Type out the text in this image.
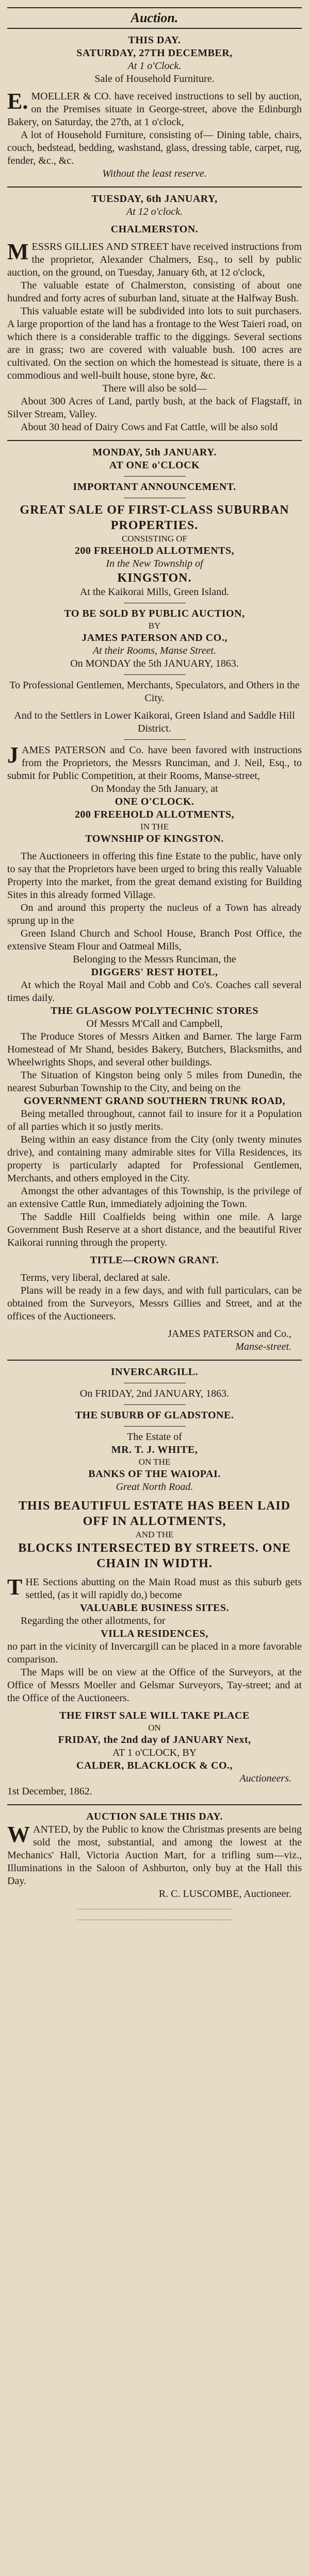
Auction.

THIS DAY.

SATURDAY, 27TH DECEMBER,

At 1 o'Clock.

Sale of Household Furniture.

E.MOELLER & CO. have received instructions to sell by auction, on the Premises situate in George-street, above the Edinburgh Bakery, on Saturday, the 27th, at 1 o'clock,

A lot of Household Furniture, consisting of— Dining table, chairs, couch, bedstead, bedding, washstand, glass, dressing table, carpet, rug, fender, &c., &c.

Without the least reserve.

TUESDAY, 6th JANUARY,

At 12 o'clock.

CHALMERSTON.

MESSRS GILLIES AND STREET have received instructions from the proprietor, Alexander Chalmers, Esq., to sell by public auction, on the ground, on Tuesday, January 6th, at 12 o'clock,

The valuable estate of Chalmerston, consisting of about one hundred and forty acres of suburban land, situate at the Halfway Bush.

This valuable estate will be subdivided into lots to suit purchasers. A large proportion of the land has a frontage to the West Taieri road, on which there is a considerable traffic to the diggings. Several sections are in grass; two are covered with valuable bush. 100 acres are cultivated. On the section on which the homestead is situate, there is a commodious and well-built house, stone byre, &c.

There will also be sold—

About 300 Acres of Land, partly bush, at the back of Flagstaff, in Silver Stream, Valley.

About 30 head of Dairy Cows and Fat Cattle, will be also sold

MONDAY, 5th JANUARY.

AT ONE o'CLOCK

IMPORTANT ANNOUNCEMENT.

GREAT SALE OF FIRST-CLASS SUBURBAN PROPERTIES.

CONSISTING OF

200 FREEHOLD ALLOTMENTS,

In the New Township of

KINGSTON.

At the Kaikorai Mills, Green Island.

TO BE SOLD BY PUBLIC AUCTION,

BY

JAMES PATERSON AND CO.,

At their Rooms, Manse Street.

On MONDAY the 5th JANUARY, 1863.

To Professional Gentlemen, Merchants, Speculators, and Others in the City.

And to the Settlers in Lower Kaikorai, Green Island and Saddle Hill District.

JAMES PATERSON and Co. have been favored with instructions from the Proprietors, the Messrs Runciman, and J. Neil, Esq., to submit for Public Competition, at their Rooms, Manse-street,

On Monday the 5th January, at

ONE O'CLOCK.

200 FREEHOLD ALLOTMENTS,

IN THE

TOWNSHIP OF KINGSTON.

The Auctioneers in offering this fine Estate to the public, have only to say that the Proprietors have been urged to bring this really Valuable Property into the market, from the great demand existing for Building Sites in this already formed Village.

On and around this property the nucleus of a Town has already sprung up in the

Green Island Church and School House, Branch Post Office, the extensive Steam Flour and Oatmeal Mills,

Belonging to the Messrs Runciman, the

DIGGERS' REST HOTEL,

At which the Royal Mail and Cobb and Co's. Coaches call several times daily.

THE GLASGOW POLYTECHNIC STORES

Of Messrs M'Call and Campbell,

The Produce Stores of Messrs Aitken and Barner. The large Farm Homestead of Mr Shand, besides Bakery, Butchers, Blacksmiths, and Wheelwrights Shops, and several other buildings.

The Situation of Kingston being only 5 miles from Dunedin, the nearest Suburban Township to the City, and being on the

GOVERNMENT GRAND SOUTHERN TRUNK ROAD,

Being metalled throughout, cannot fail to insure for it a Population of all parties which it so justly merits.

Being within an easy distance from the City (only twenty minutes drive), and containing many admirable sites for Villa Residences, its property is particularly adapted for Professional Gentlemen, Merchants, and others employed in the City.

Amongst the other advantages of this Township, is the privilege of an extensive Cattle Run, immediately adjoining the Town.

The Saddle Hill Coalfields being within one mile. A large Government Bush Reserve at a short distance, and the beautiful River Kaikorai running through the property.

TITLE—CROWN GRANT.

Terms, very liberal, declared at sale.

Plans will be ready in a few days, and with full particulars, can be obtained from the Surveyors, Messrs Gillies and Street, and at the offices of the Auctioneers.

JAMES PATERSON and Co.,

Manse-street.

INVERCARGILL.

On FRIDAY, 2nd JANUARY, 1863.

THE SUBURB OF GLADSTONE.

The Estate of

MR. T. J. WHITE,

ON THE

BANKS OF THE WAIOPAI.

Great North Road.

THIS BEAUTIFUL ESTATE HAS BEEN LAID OFF IN ALLOTMENTS,

AND THE

BLOCKS INTERSECTED BY STREETS. ONE CHAIN IN WIDTH.

THE Sections abutting on the Main Road must as this suburb gets settled, (as it will rapidly do,) become

VALUABLE BUSINESS SITES.

Regarding the other allotments, for

VILLA RESIDENCES,

no part in the vicinity of Invercargill can be placed in a more favorable comparison.

The Maps will be on view at the Office of the Surveyors, at the Office of Messrs Moeller and Gelsmar Surveyors, Tay-street; and at the Office of the Auctioneers.

THE FIRST SALE WILL TAKE PLACE

ON

FRIDAY, the 2nd day of JANUARY Next,

AT 1 o'CLOCK, BY

CALDER, BLACKLOCK & CO.,

Auctioneers.

1st December, 1862.

AUCTION SALE THIS DAY.

WANTED, by the Public to know the Christmas presents are being sold the most, substantial, and among the lowest at the Mechanics' Hall, Victoria Auction Mart, for a trifling sum—viz., Illuminations in the Saloon of Ashburton, only buy at the Hall this Day.

R. C. LUSCOMBE, Auctioneer.
